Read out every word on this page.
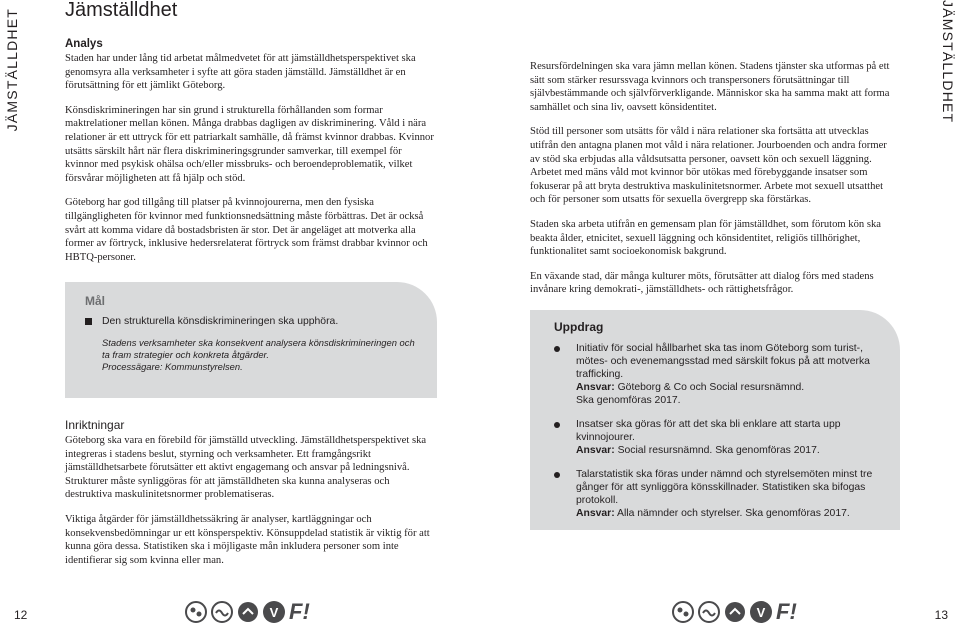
JÄMSTÄLLDHET	JÄMSTÄLLDHET
Jämställdhet
Analys

Staden har under lång tid arbetat målmedvetet för att jämställdhetsperspektivet ska genomsyra alla verksamheter i syfte att göra staden jämställd. Jämställdhet är en förutsättning för ett jämlikt Göteborg.

Könsdiskrimineringen har sin grund i strukturella förhållanden som formar maktrelationer mellan könen. Många drabbas dagligen av diskriminering. Våld i nära relationer är ett uttryck för ett patriarkalt samhälle, då främst kvinnor drabbas. Kvinnor utsätts särskilt hårt när flera diskrimineringsgrunder samverkar, till exempel för kvinnor med psykisk ohälsa och/eller missbruks- och beroendeproblematik, vilket försvårar möjligheten att få hjälp och stöd.

Göteborg har god tillgång till platser på kvinnojourerna, men den fysiska tillgängligheten för kvinnor med funktionsnedsättning måste förbättras. Det är också svårt att komma vidare då bostadsbristen är stor. Det är angeläget att motverka alla former av förtryck, inklusive hedersrelaterat förtryck som främst drabbar kvinnor och HBTQ-personer.

Mål
Den strukturella könsdiskrimineringen ska upphöra.
Stadens verksamheter ska konsekvent analysera könsdiskrimineringen och ta fram strategier och konkreta åtgärder.
Processägare: Kommunstyrelsen.
Inriktningar

Göteborg ska vara en förebild för jämställd utveckling. Jämställdhetsperspektivet ska integreras i stadens beslut, styrning och verksamheter. Ett framgångsrikt jämställdhetsarbete förutsätter ett aktivt engagemang och ansvar på ledningsnivå. Strukturer måste synliggöras för att jämställdheten ska kunna analyseras och destruktiva maskulinitetsnormer problematiseras.

Viktiga åtgärder för jämställdhetssäkring är analyser, kartläggningar och konsekvensbedömningar ur ett könsperspektiv. Könsuppdelad statistik är viktig för att kunna göra dessa. Statistiken ska i möjligaste mån inkludera personer som inte identifierar sig som kvinna eller man.

Resursfördelningen ska vara jämn mellan könen. Stadens tjänster ska utformas på ett sätt som stärker resurssvaga kvinnors och transpersoners förutsättningar till självbestämmande och självförverkligande. Människor ska ha samma makt att forma samhället och sina liv, oavsett könsidentitet.

Stöd till personer som utsätts för våld i nära relationer ska fortsätta att utvecklas utifrån den antagna planen mot våld i nära relationer. Jourboenden och andra former av stöd ska erbjudas alla våldsutsatta personer, oavsett kön och sexuell läggning. Arbetet med mäns våld mot kvinnor bör utökas med förebyggande insatser som fokuserar på att bryta destruktiva maskulinitetsnormer. Arbete mot sexuell utsatthet och för personer som utsatts för sexuella övergrepp ska förstärkas.

Staden ska arbeta utifrån en gemensam plan för jämställdhet, som förutom kön ska beakta ålder, etnicitet, sexuell läggning och könsidentitet, religiös tillhörighet, funktionalitet samt socioekonomisk bakgrund.

En växande stad, där många kulturer möts, förutsätter att dialog förs med stadens invånare kring demokrati-, jämställdhets- och rättighetsfrågor.

Uppdrag
Initiativ för social hållbarhet ska tas inom Göteborg som turist-, mötes- och evenemangsstad med särskilt fokus på att motverka trafficking.
Ansvar: Göteborg & Co och Social resursnämnd.
Ska genomföras 2017.
Insatser ska göras för att det ska bli enklare att starta upp kvinnojourer.
Ansvar: Social resursnämnd. Ska genomföras 2017.
Talarstatistik ska föras under nämnd och styrelsemöten minst tre gånger för att synliggöra könsskillnader. Statistiken ska bifogas protokoll.
Ansvar: Alla nämnder och styrelser. Ska genomföras 2017.
12	13
V F!	V F!
